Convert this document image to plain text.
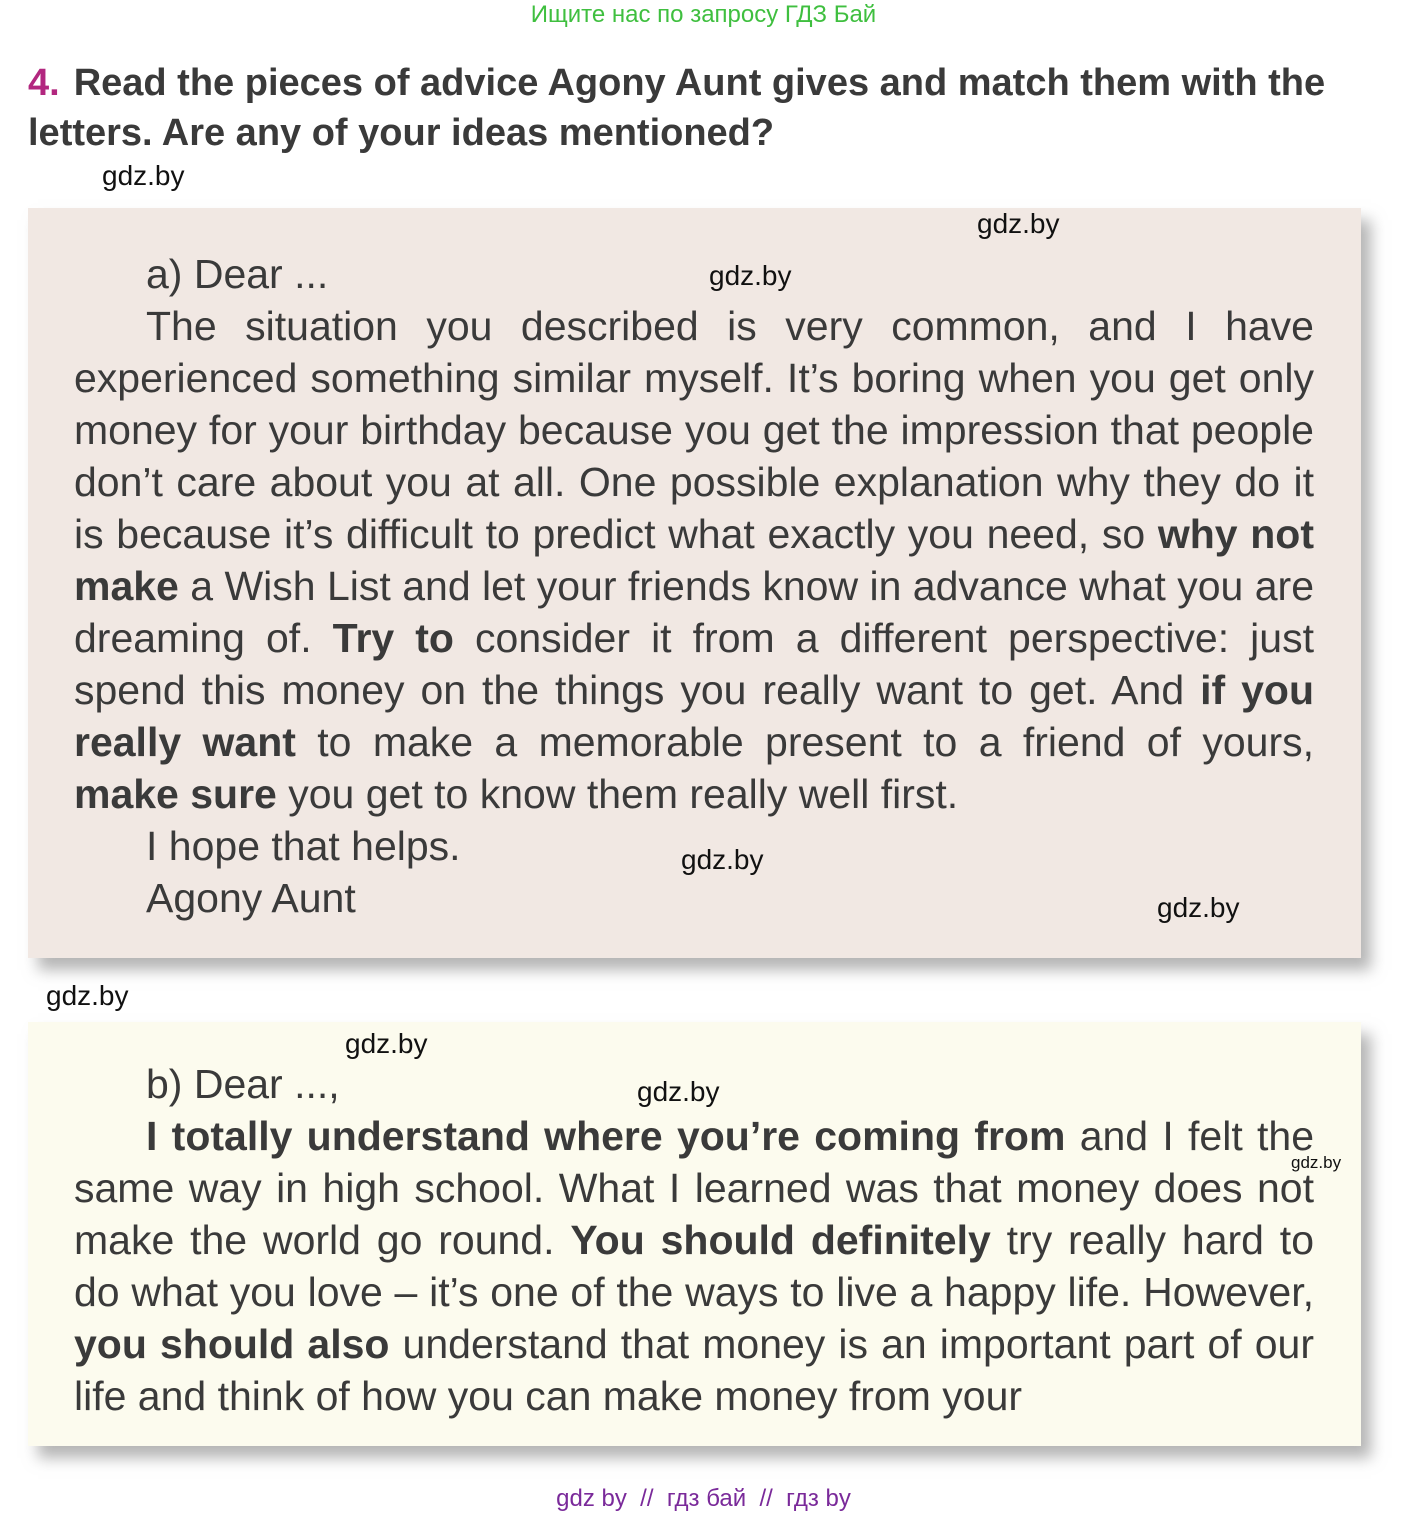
Ищите нас по запросу ГДЗ Бай
4. Read the pieces of advice Agony Aunt gives and match them with the letters. Are any of your ideas mentioned?
gdz.by

a) Dear ...

The situation you described is very common, and I have experienced something similar myself. It’s boring when you get only money for your birthday because you get the impression that people don’t care about you at all. One possible explanation why they do it is because it’s difficult to predict what exactly you need, so why not make a Wish List and let your friends know in advance what you are dreaming of. Try to consider it from a different perspective: just spend this money on the things you really want to get. And if you really want to make a memorable present to a friend of yours, make sure you get to know them really well first.

I hope that helps.

Agony Aunt

gdz.by
gdz.by
gdz.by
gdz.by
gdz.by

b) Dear ...,

I totally understand where you’re coming from and I felt the same way in high school. What I learned was that money does not make the world go round. You should definitely try really hard to do what you love – it’s one of the ways to live a happy life. However, you should also understand that money is an important part of our life and think of how you can make money from your

gdz.by
gdz.by
gdz.by
gdz by  //  гдз бай  //  гдз by
